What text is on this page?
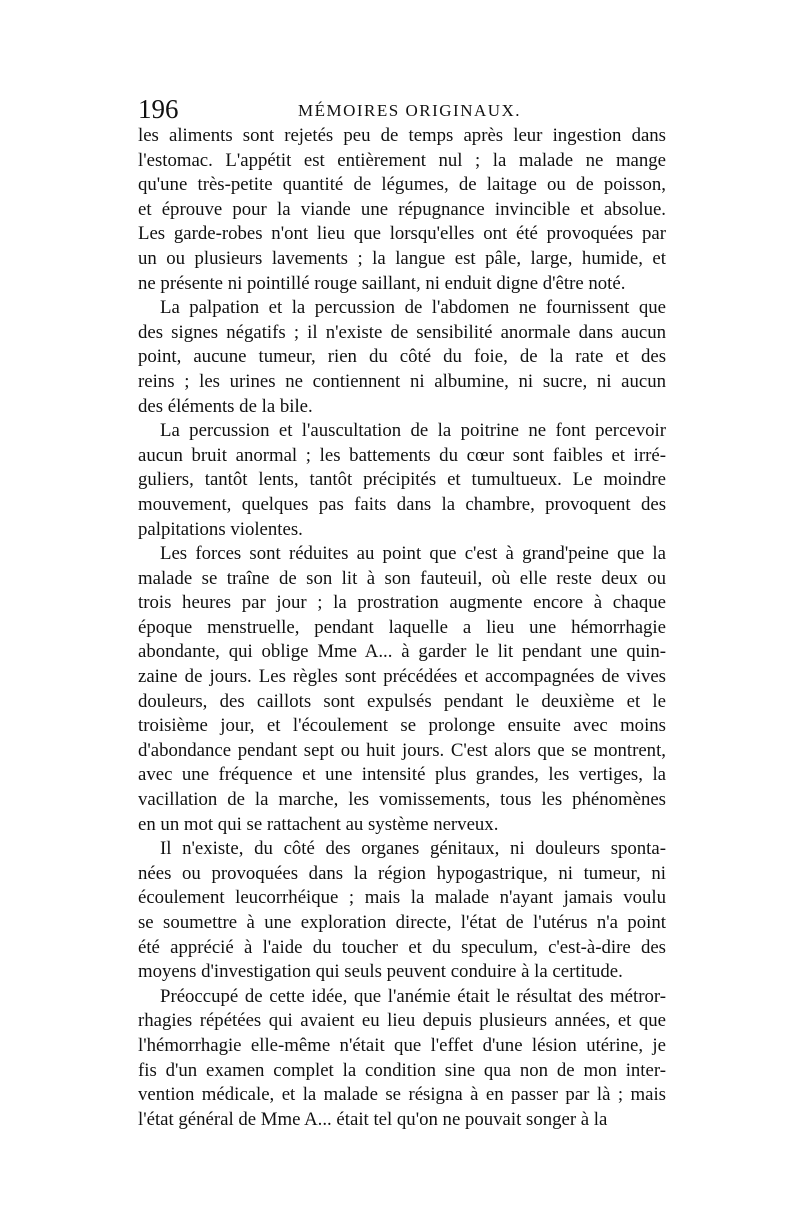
196	MÉMOIRES ORIGINAUX.

les aliments sont rejetés peu de temps après leur ingestion dans
l'estomac. L'appétit est entièrement nul ; la malade ne mange
qu'une très-petite quantité de légumes, de laitage ou de poisson,
et éprouve pour la viande une répugnance invincible et absolue.
Les garde-robes n'ont lieu que lorsqu'elles ont été provoquées par
un ou plusieurs lavements ; la langue est pâle, large, humide, et
ne présente ni pointillé rouge saillant, ni enduit digne d'être noté.

La palpation et la percussion de l'abdomen ne fournissent que
des signes négatifs ; il n'existe de sensibilité anormale dans aucun
point, aucune tumeur, rien du côté du foie, de la rate et des
reins ; les urines ne contiennent ni albumine, ni sucre, ni aucun
des éléments de la bile.

La percussion et l'auscultation de la poitrine ne font percevoir
aucun bruit anormal ; les battements du cœur sont faibles et irré-
guliers, tantôt lents, tantôt précipités et tumultueux. Le moindre
mouvement, quelques pas faits dans la chambre, provoquent des
palpitations violentes.

Les forces sont réduites au point que c'est à grand'peine que la
malade se traîne de son lit à son fauteuil, où elle reste deux ou
trois heures par jour ; la prostration augmente encore à chaque
époque menstruelle, pendant laquelle a lieu une hémorrhagie
abondante, qui oblige Mme A... à garder le lit pendant une quin-
zaine de jours. Les règles sont précédées et accompagnées de vives
douleurs, des caillots sont expulsés pendant le deuxième et le
troisième jour, et l'écoulement se prolonge ensuite avec moins
d'abondance pendant sept ou huit jours. C'est alors que se montrent,
avec une fréquence et une intensité plus grandes, les vertiges, la
vacillation de la marche, les vomissements, tous les phénomènes
en un mot qui se rattachent au système nerveux.

Il n'existe, du côté des organes génitaux, ni douleurs sponta-
nées ou provoquées dans la région hypogastrique, ni tumeur, ni
écoulement leucorrhéique ; mais la malade n'ayant jamais voulu
se soumettre à une exploration directe, l'état de l'utérus n'a point
été apprécié à l'aide du toucher et du speculum, c'est-à-dire des
moyens d'investigation qui seuls peuvent conduire à la certitude.

Préoccupé de cette idée, que l'anémie était le résultat des métror-
rhagies répétées qui avaient eu lieu depuis plusieurs années, et que
l'hémorrhagie elle-même n'était que l'effet d'une lésion utérine, je
fis d'un examen complet la condition sine qua non de mon inter-
vention médicale, et la malade se résigna à en passer par là ; mais
l'état général de Mme A... était tel qu'on ne pouvait songer à la
